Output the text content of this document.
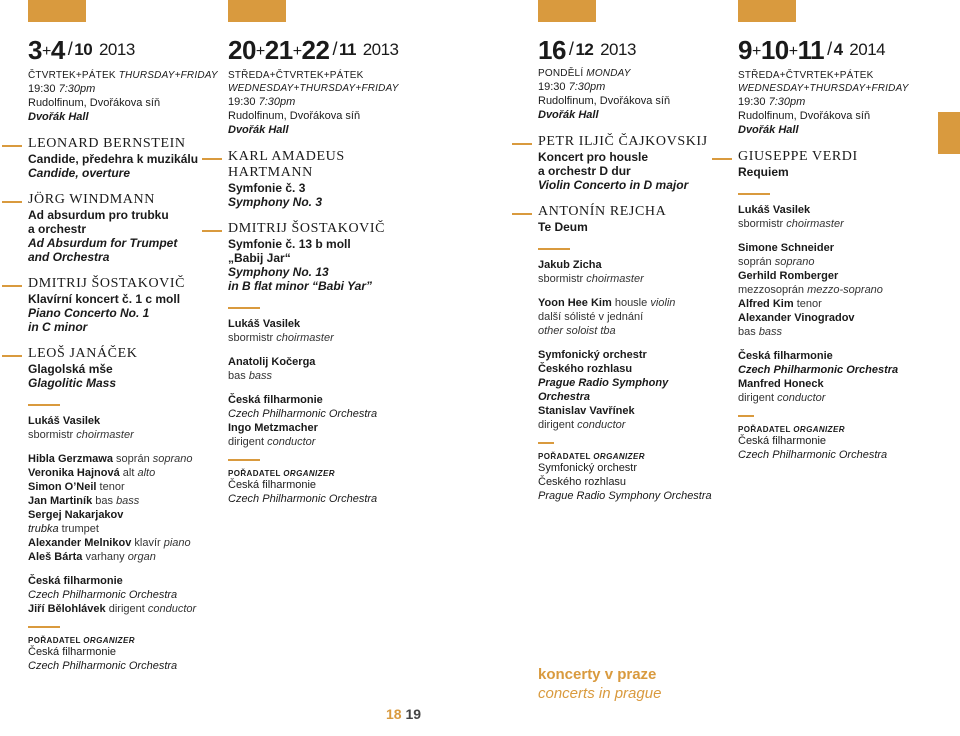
3+4 / 10 2013
ČTVRTEK+PÁTEK THURSDAY+FRIDAY
19:30 7:30pm
Rudolfinum, Dvořákova síň
Dvořák Hall
LEONARD BERNSTEIN
Candide, předehra k muzikálu
Candide, overture
JÖRG WINDMANN
Ad absurdum pro trubku
a orchestr
Ad Absurdum for Trumpet
and Orchestra
DMITRIJ ŠOSTAKOVIČ
Klavírní koncert č. 1 c moll
Piano Concerto No. 1
in C minor
LEOŠ JANÁČEK
Glagolská mše
Glagolitic Mass
Lukáš Vasilek
sbormistr choirmaster
Hibla Gerzmawa soprán soprano
Veronika Hajnová alt alto
Simon O’Neil tenor
Jan Martiník bas bass
Sergej Nakarjakov
trubka trumpet
Alexander Melnikov klavír piano
Aleš Bárta varhany organ
Česká filharmonie
Czech Philharmonic Orchestra
Jiří Bělohlávek dirigent conductor
POŘADATEL ORGANIZER
Česká filharmonie
Czech Philharmonic Orchestra
20+21+22 / 11 2013
STŘEDA+ČTVRTEK+PÁTEK
WEDNESDAY+THURSDAY+FRIDAY
19:30 7:30pm
Rudolfinum, Dvořákova síň
Dvořák Hall
KARL AMADEUS HARTMANN
Symfonie č. 3
Symphony No. 3
DMITRIJ ŠOSTAKOVIČ
Symfonie č. 13 b moll
„Babij Jar“
Symphony No. 13
in B flat minor “Babi Yar”
Lukáš Vasilek
sbormistr choirmaster
Anatolij Kočerga
bas bass
Česká filharmonie
Czech Philharmonic Orchestra
Ingo Metzmacher
dirigent conductor
POŘADATEL ORGANIZER
Česká filharmonie
Czech Philharmonic Orchestra
16 / 12 2013
PONDĚLÍ MONDAY
19:30 7:30pm
Rudolfinum, Dvořákova síň
Dvořák Hall
PETR ILJIČ ČAJKOVSKIJ
Koncert pro housle
a orchestr D dur
Violin Concerto in D major
ANTONÍN REJCHA
Te Deum
Jakub Zicha
sbormistr choirmaster
Yoon Hee Kim housle violin
další sólisté v jednání
other soloist tba
Symfonický orchestr
Českého rozhlasu
Prague Radio Symphony
Orchestra
Stanislav Vavřínek
dirigent conductor
POŘADATEL ORGANIZER
Symfonický orchestr
Českého rozhlasu
Prague Radio Symphony Orchestra
9+10+11 / 4 2014
STŘEDA+ČTVRTEK+PÁTEK
WEDNESDAY+THURSDAY+FRIDAY
19:30 7:30pm
Rudolfinum, Dvořákova síň
Dvořák Hall
GIUSEPPE VERDI
Requiem
Lukáš Vasilek
sbormistr choirmaster
Simone Schneider
soprán soprano
Gerhild Romberger
mezzosoprán mezzo-soprano
Alfred Kim tenor
Alexander Vinogradov
bas bass
Česká filharmonie
Czech Philharmonic Orchestra
Manfred Honeck
dirigent conductor
POŘADATEL ORGANIZER
Česká filharmonie
Czech Philharmonic Orchestra
koncerty v praze
concerts in prague
18 19
